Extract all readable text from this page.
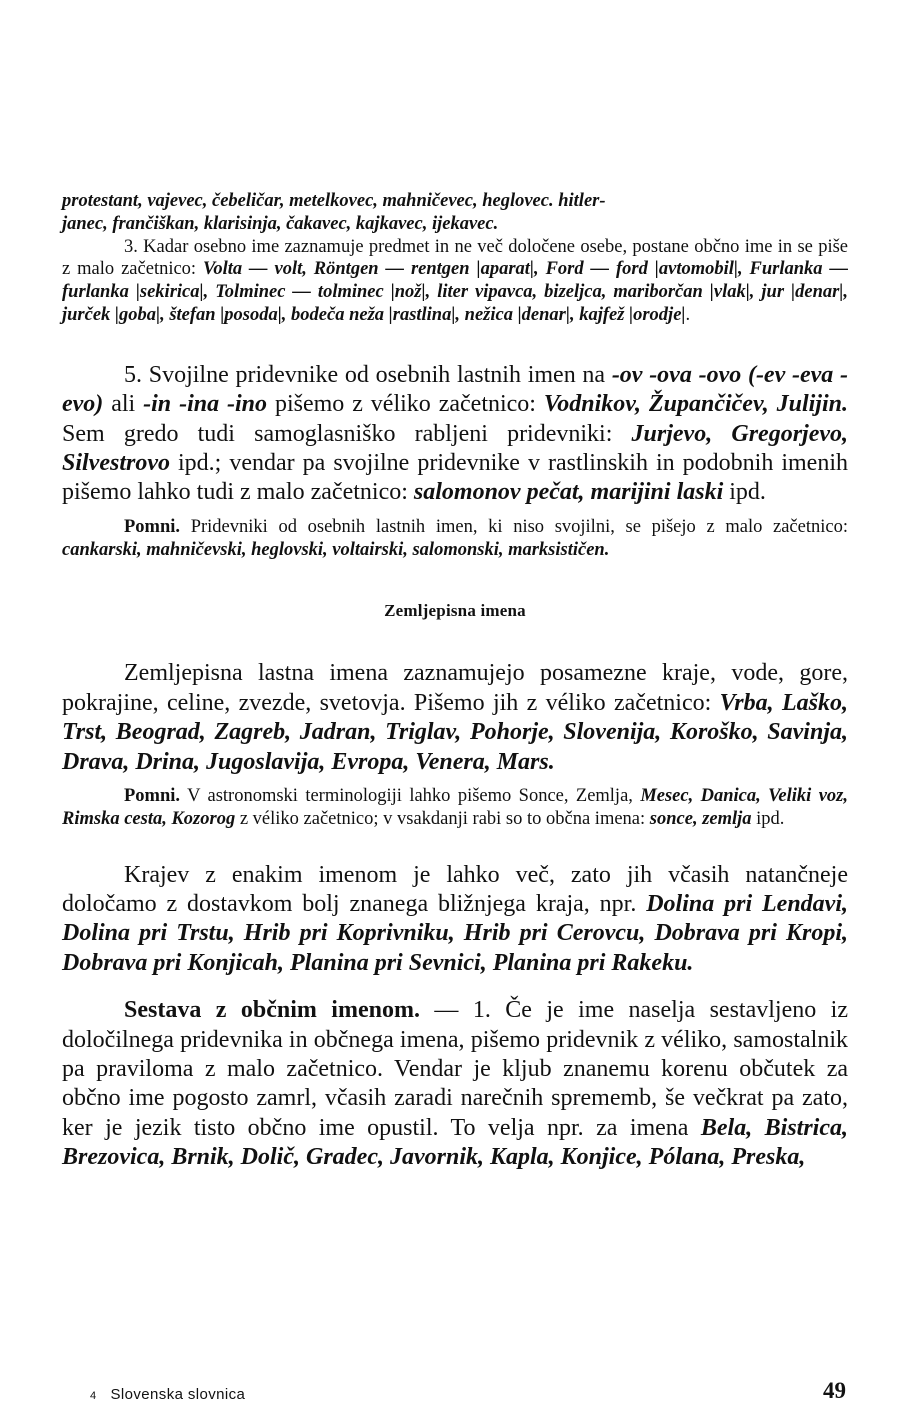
protestant, vajevec, čebeličar, metelkovec, mahničevec, heglovec. hitler-
janec, frančiškan, klarisinja, čakavec, kajkavec, ijekavec.

3. Kadar osebno ime zaznamuje predmet in ne več določene osebe, postane občno ime in se piše z malo začetnico: Volta — volt, Röntgen — rentgen |aparat|, Ford — ford |avtomobil|, Furlanka — furlanka |sekirica|, Tolminec — tolminec |nož|, liter vipavca, bizeljca, mariborčan |vlak|, jur |denar|, jurček |goba|, štefan |posoda|, bodeča neža |rastlina|, nežica |denar|, kajfež |orodje|.

5. Svojilne pridevnike od osebnih lastnih imen na -ov -ova -ovo (-ev -eva -evo) ali -in -ina -ino pišemo z véliko začetnico: Vodnikov, Župančičev, Julijin. Sem gredo tudi samoglasniško rabljeni pridevniki: Jurjevo, Gregorjevo, Silvestrovo ipd.; vendar pa svojilne pridevnike v rastlinskih in podobnih imenih pišemo lahko tudi z malo začetnico: salomonov pečat, marijini laski ipd.

Pomni. Pridevniki od osebnih lastnih imen, ki niso svojilni, se pišejo z malo začetnico: cankarski, mahničevski, heglovski, voltairski, salomonski, marksističen.

Zemljepisna imena

Zemljepisna lastna imena zaznamujejo posamezne kraje, vode, gore, pokrajine, celine, zvezde, svetovja. Pišemo jih z véliko začetnico: Vrba, Laško, Trst, Beograd, Zagreb, Jadran, Triglav, Pohorje, Slovenija, Koroško, Savinja, Drava, Drina, Jugoslavija, Evropa, Venera, Mars.

Pomni. V astronomski terminologiji lahko pišemo Sonce, Zemlja, Mesec, Danica, Veliki voz, Rimska cesta, Kozorog z véliko začetnico; v vsakdanji rabi so to občna imena: sonce, zemlja ipd.

Krajev z enakim imenom je lahko več, zato jih včasih natančneje določamo z dostavkom bolj znanega bližnjega kraja, npr. Dolina pri Lendavi, Dolina pri Trstu, Hrib pri Koprivniku, Hrib pri Cerovcu, Dobrava pri Kropi, Dobrava pri Konjicah, Planina pri Sevnici, Planina pri Rakeku.

Sestava z občnim imenom. — 1. Če je ime naselja sestavljeno iz določilnega pridevnika in občnega imena, pišemo pridevnik z véliko, samostalnik pa praviloma z malo začetnico. Vendar je kljub znanemu korenu občutek za občno ime pogosto zamrl, včasih zaradi narečnih sprememb, še večkrat pa zato, ker je jezik tisto občno ime opustil. To velja npr. za imena Bela, Bistrica, Brezovica, Brnik, Dolič, Gradec, Javornik, Kapla, Konjice, Pólana, Preska,

4 Slovenska slovnica	49
